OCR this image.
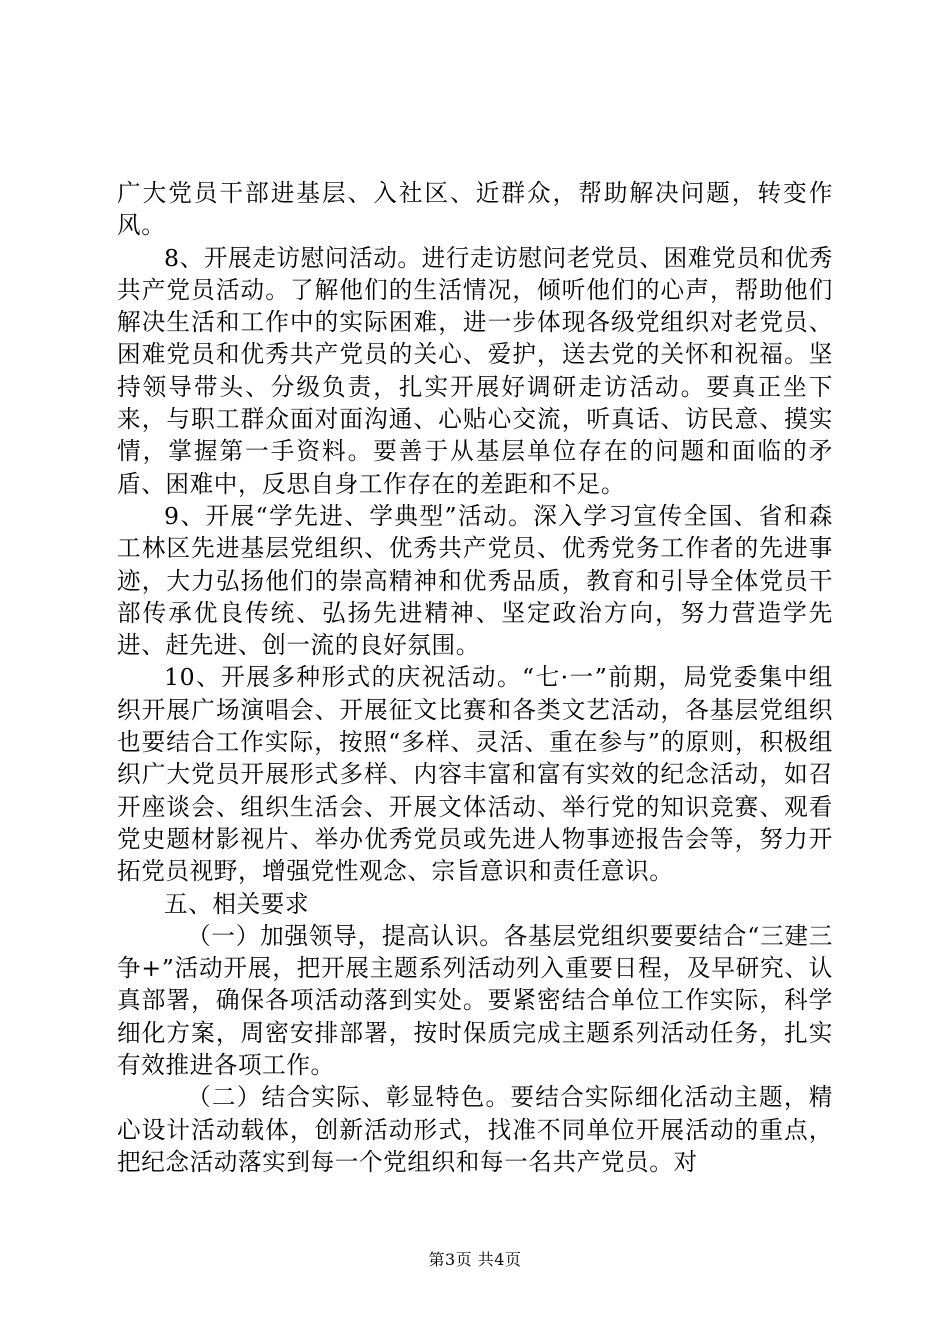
广大党员干部进基层、入社区、近群众，帮助解决问题，转变作风。

8、开展走访慰问活动。进行走访慰问老党员、困难党员和优秀共产党员活动。了解他们的生活情况，倾听他们的心声，帮助他们解决生活和工作中的实际困难，进一步体现各级党组织对老党员、困难党员和优秀共产党员的关心、爱护，送去党的关怀和祝福。坚持领导带头、分级负责，扎实开展好调研走访活动。要真正坐下来，与职工群众面对面沟通、心贴心交流，听真话、访民意、摸实情，掌握第一手资料。要善于从基层单位存在的问题和面临的矛盾、困难中，反思自身工作存在的差距和不足。

9、开展“学先进、学典型”活动。深入学习宣传全国、省和森工林区先进基层党组织、优秀共产党员、优秀党务工作者的先进事迹，大力弘扬他们的崇高精神和优秀品质，教育和引导全体党员干部传承优良传统、弘扬先进精神、坚定政治方向，努力营造学先进、赶先进、创一流的良好氛围。

10、开展多种形式的庆祝活动。“七·一”前期，局党委集中组织开展广场演唱会、开展征文比赛和各类文艺活动，各基层党组织也要结合工作实际，按照“多样、灵活、重在参与”的原则，积极组织广大党员开展形式多样、内容丰富和富有实效的纪念活动，如召开座谈会、组织生活会、开展文体活动、举行党的知识竞赛、观看党史题材影视片、举办优秀党员或先进人物事迹报告会等，努力开拓党员视野，增强党性观念、宗旨意识和责任意识。

五、相关要求

（一）加强领导，提高认识。各基层党组织要要结合“三建三争+”活动开展，把开展主题系列活动列入重要日程，及早研究、认真部署，确保各项活动落到实处。要紧密结合单位工作实际，科学细化方案，周密安排部署，按时保质完成主题系列活动任务，扎实有效推进各项工作。

（二）结合实际、彰显特色。要结合实际细化活动主题，精心设计活动载体，创新活动形式，找准不同单位开展活动的重点，把纪念活动落实到每一个党组织和每一名共产党员。对

第3页 共4页
